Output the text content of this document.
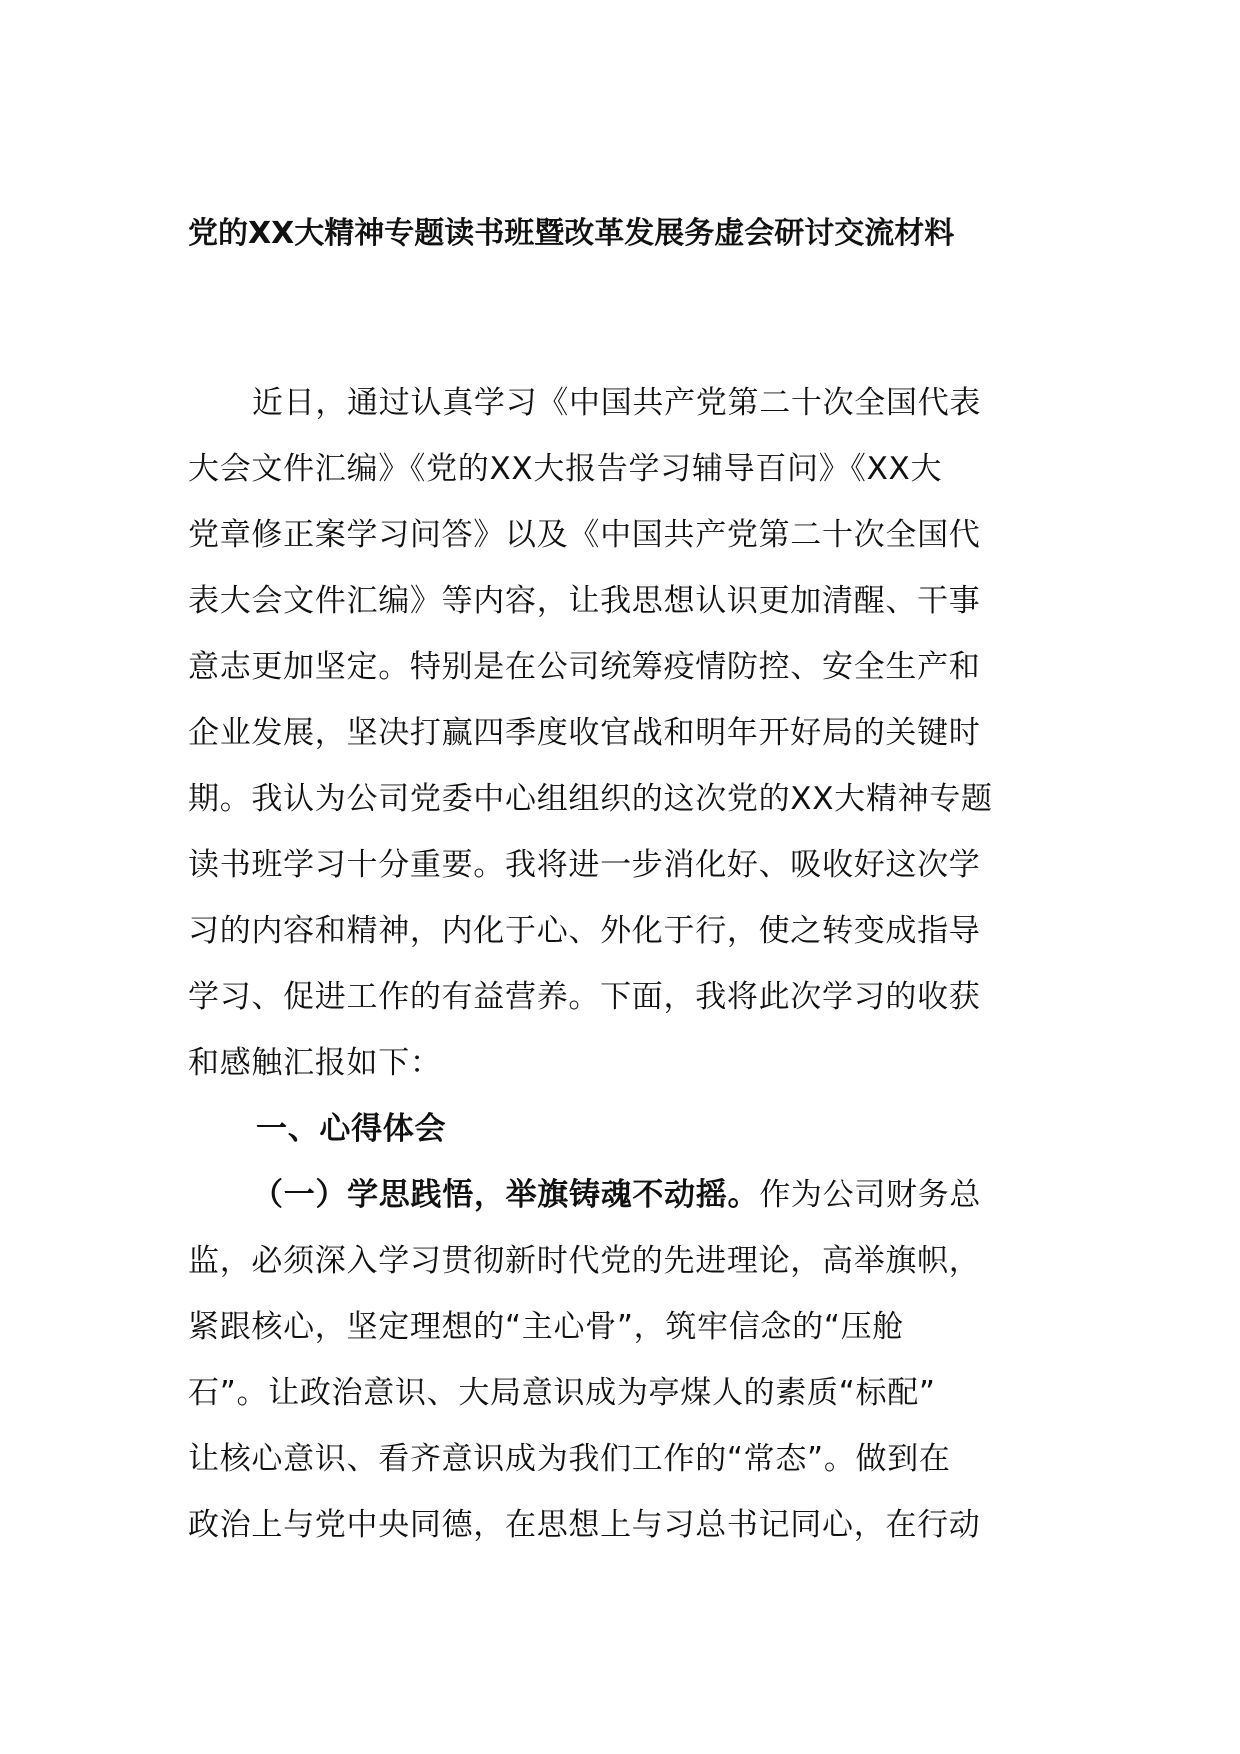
党的XX大精神专题读书班暨改革发展务虚会研讨交流材料
近日，通过认真学习《中国共产党第二十次全国代表
大会文件汇编》《党的XX大报告学习辅导百问》《XX大
党章修正案学习问答》以及《中国共产党第二十次全国代
表大会文件汇编》等内容，让我思想认识更加清醒、干事
意志更加坚定。特别是在公司统筹疫情防控、安全生产和
企业发展，坚决打赢四季度收官战和明年开好局的关键时
期。我认为公司党委中心组组织的这次党的XX大精神专题
读书班学习十分重要。我将进一步消化好、吸收好这次学
习的内容和精神，内化于心、外化于行，使之转变成指导
学习、促进工作的有益营养。下面，我将此次学习的收获
和感触汇报如下：
一、心得体会
（一）学思践悟，举旗铸魂不动摇。作为公司财务总
监，必须深入学习贯彻新时代党的先进理论，高举旗帜，
紧跟核心，坚定理想的“主心骨”，筑牢信念的“压舱
石”。让政治意识、大局意识成为亭煤人的素质“标配”
让核心意识、看齐意识成为我们工作的“常态”。做到在
政治上与党中央同德，在思想上与习总书记同心，在行动
